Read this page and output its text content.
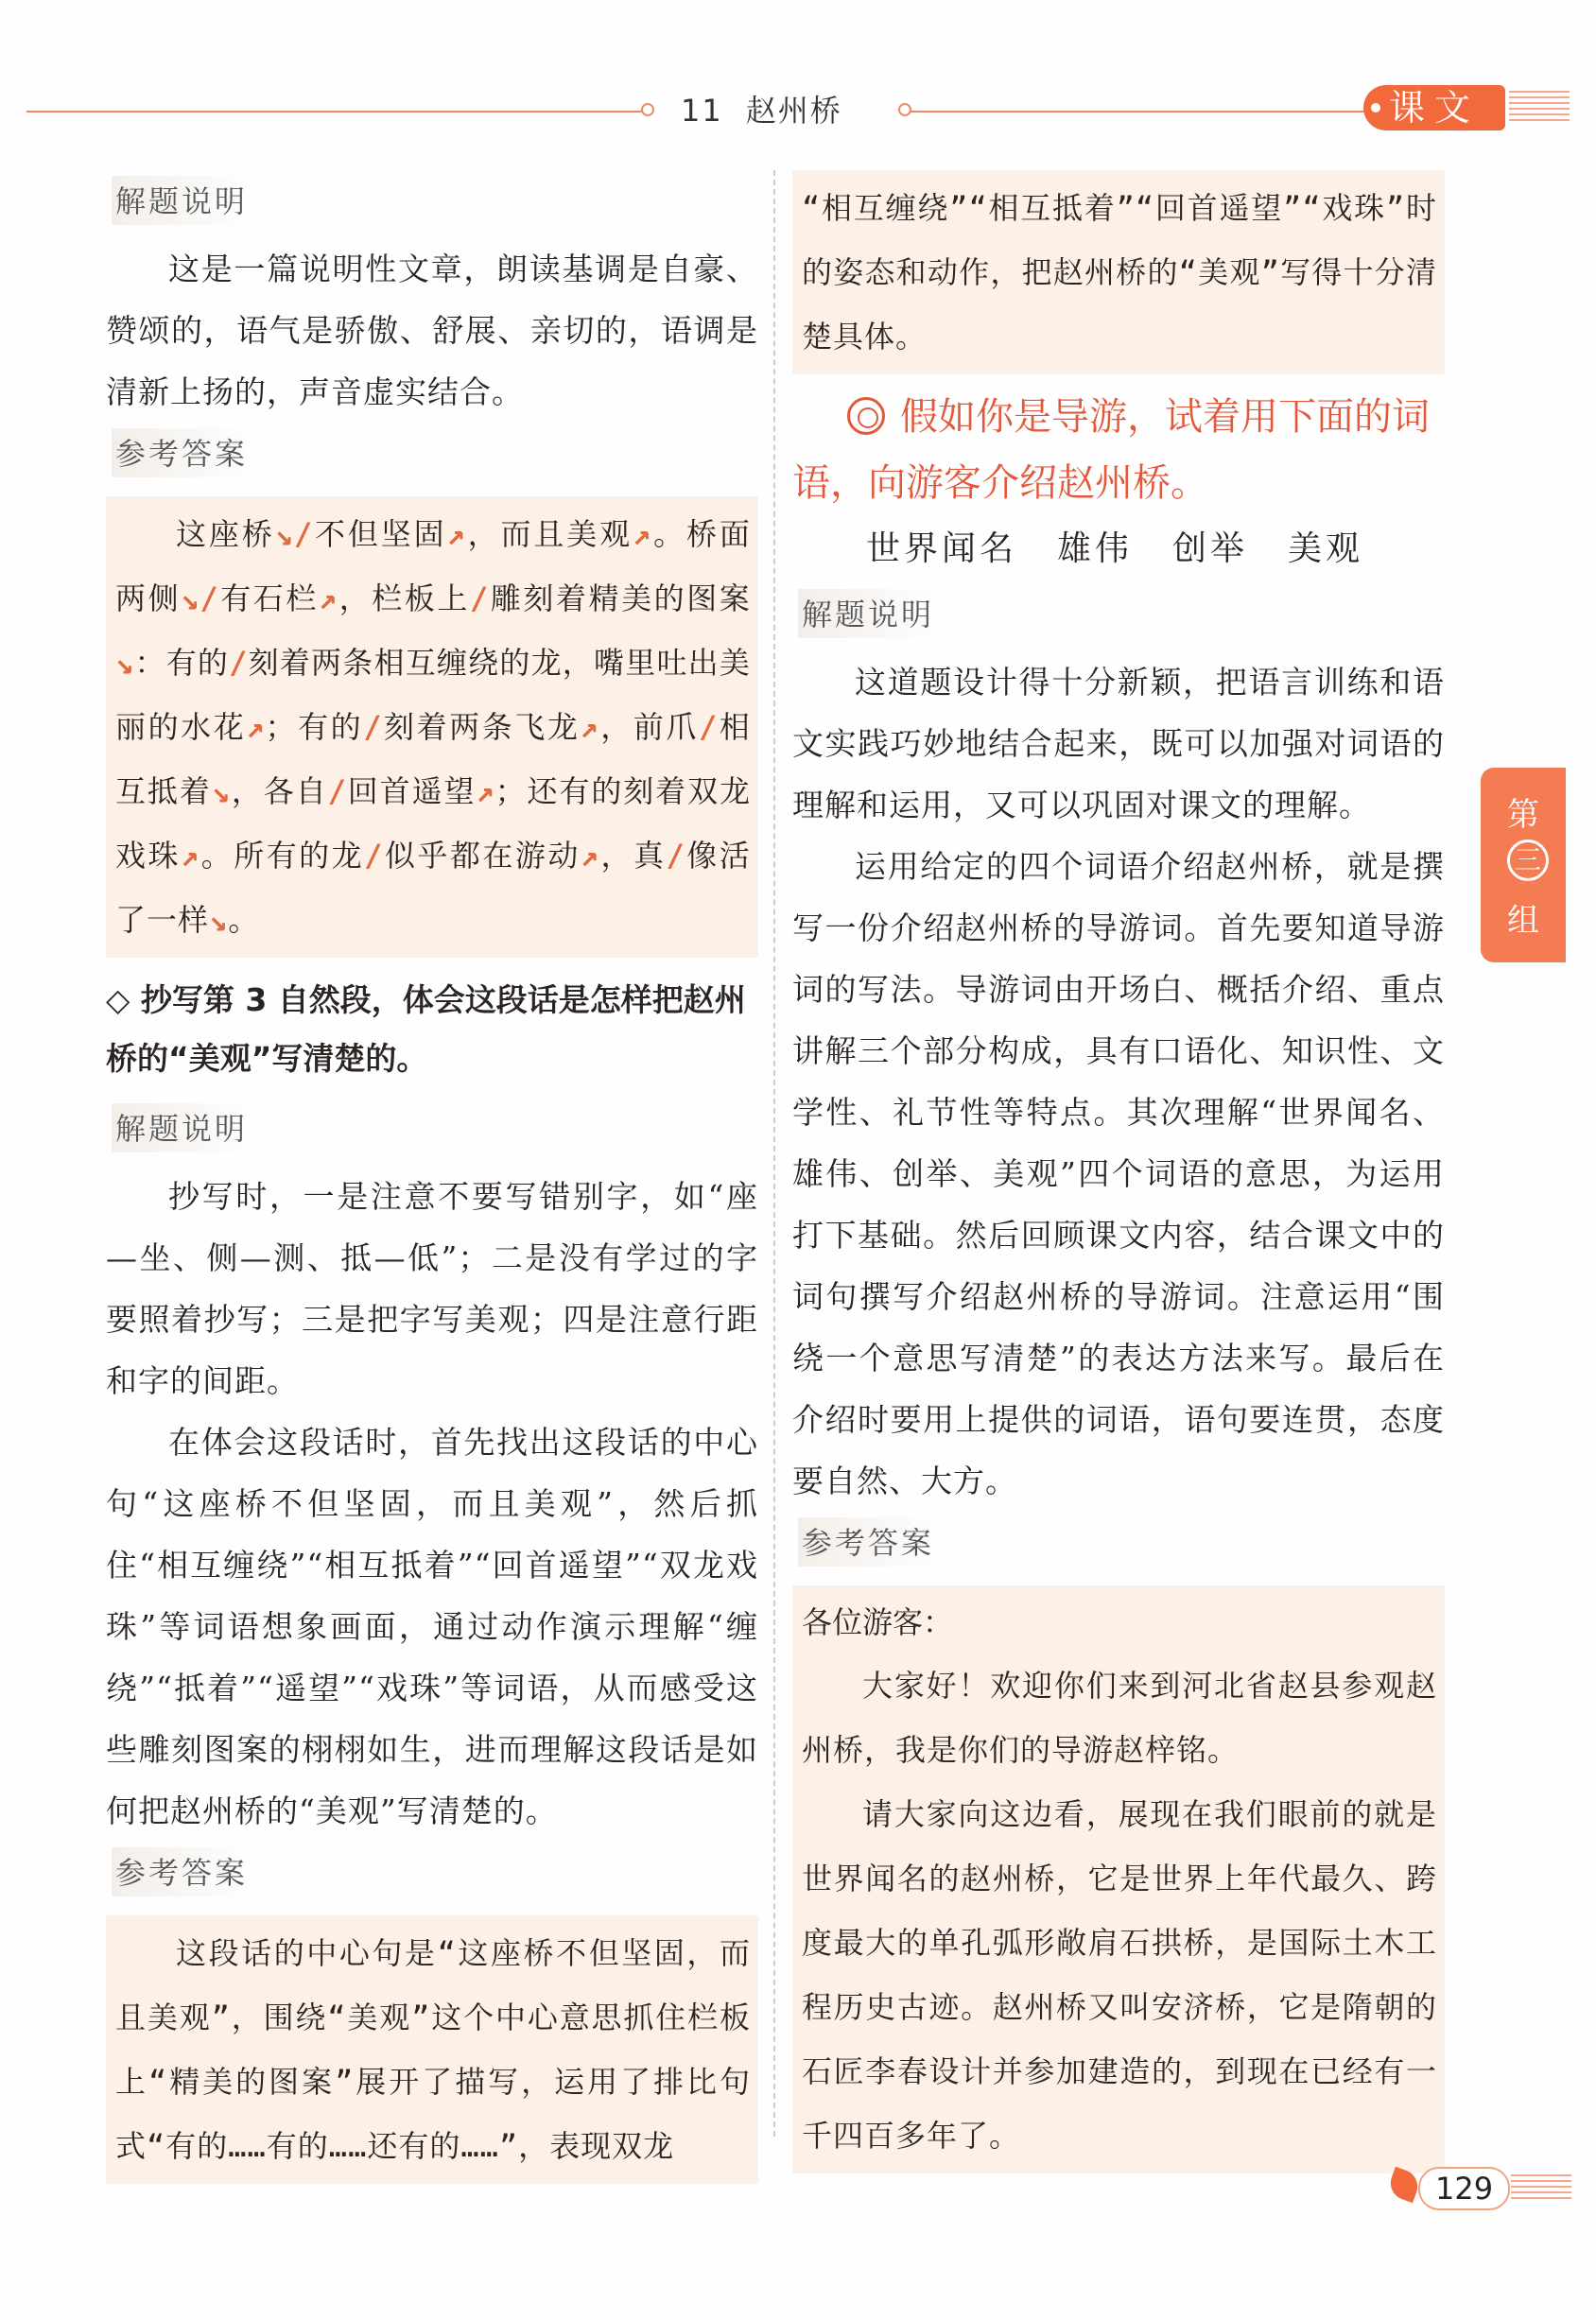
11 赵州桥	课文
解题说明

这是一篇说明性文章，朗读基调是自豪、赞颂的，语气是骄傲、舒展、亲切的，语调是清新上扬的，声音虚实结合。

参考答案

这座桥↘/不但坚固↗，而且美观↗。桥面两侧↘/有石栏↗，栏板上/雕刻着精美的图案↘：有的/刻着两条相互缠绕的龙，嘴里吐出美丽的水花↗；有的/刻着两条飞龙↗，前爪/相互抵着↘，各自/回首遥望↗；还有的刻着双龙戏珠↗。所有的龙/似乎都在游动↗，真/像活了一样↘。

◇ 抄写第 3 自然段，体会这段话是怎样把赵州桥的“美观”写清楚的。
解题说明

抄写时，一是注意不要写错别字，如“座—坐、侧—测、抵—低”；二是没有学过的字要照着抄写；三是把字写美观；四是注意行距和字的间距。

在体会这段话时，首先找出这段话的中心句“这座桥不但坚固，而且美观”，然后抓住“相互缠绕”“相互抵着”“回首遥望”“双龙戏珠”等词语想象画面，通过动作演示理解“缠绕”“抵着”“遥望”“戏珠”等词语，从而感受这些雕刻图案的栩栩如生，进而理解这段话是如何把赵州桥的“美观”写清楚的。

参考答案

这段话的中心句是“这座桥不但坚固，而且美观”，围绕“美观”这个中心意思抓住栏板上“精美的图案”展开了描写，运用了排比句式“有的……有的……还有的……”，表现双龙

“相互缠绕”“相互抵着”“回首遥望”“戏珠”时的姿态和动作，把赵州桥的“美观”写得十分清楚具体。

假如你是导游，试着用下面的词语，向游客介绍赵州桥。
世界闻名 雄伟 创举 美观
解题说明

这道题设计得十分新颖，把语言训练和语文实践巧妙地结合起来，既可以加强对词语的理解和运用，又可以巩固对课文的理解。

运用给定的四个词语介绍赵州桥，就是撰写一份介绍赵州桥的导游词。首先要知道导游词的写法。导游词由开场白、概括介绍、重点讲解三个部分构成，具有口语化、知识性、文学性、礼节性等特点。其次理解“世界闻名、雄伟、创举、美观”四个词语的意思，为运用打下基础。然后回顾课文内容，结合课文中的词句撰写介绍赵州桥的导游词。注意运用“围绕一个意思写清楚”的表达方法来写。最后在介绍时要用上提供的词语，语句要连贯，态度要自然、大方。

参考答案

各位游客：

大家好！欢迎你们来到河北省赵县参观赵州桥，我是你们的导游赵梓铭。

请大家向这边看，展现在我们眼前的就是世界闻名的赵州桥，它是世界上年代最久、跨度最大的单孔弧形敞肩石拱桥，是国际土木工程历史古迹。赵州桥又叫安济桥，它是隋朝的石匠李春设计并参加建造的，到现在已经有一千四百多年了。

第
三
组
129
